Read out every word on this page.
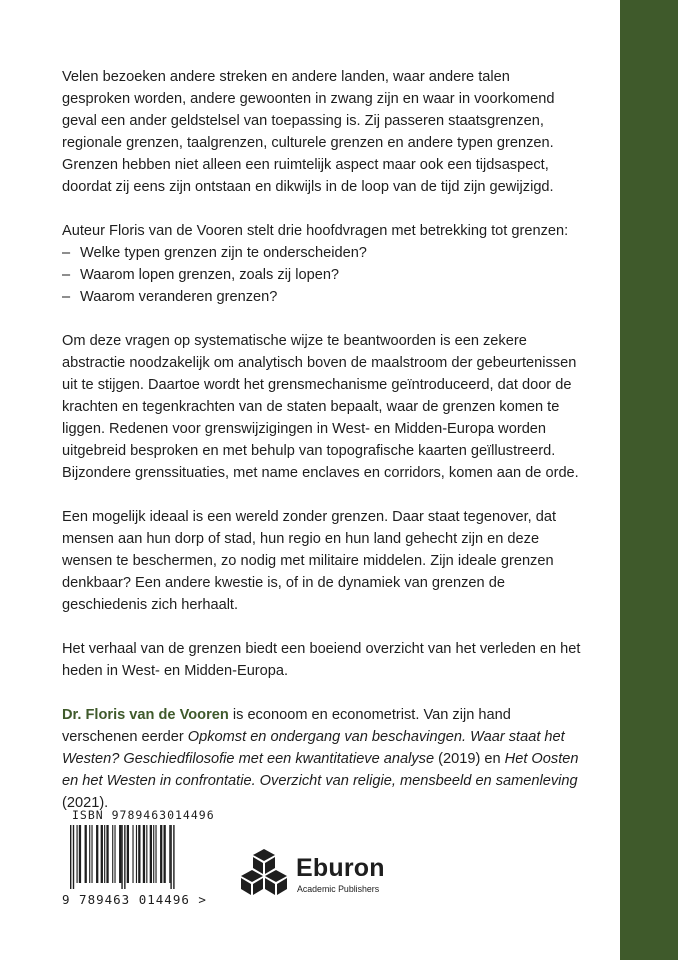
Velen bezoeken andere streken en andere landen, waar andere talen gesproken worden, andere gewoonten in zwang zijn en waar in voorkomend geval een ander geldstelsel van toepassing is. Zij passeren staatsgrenzen, regionale grenzen, taalgrenzen, culturele grenzen en andere typen grenzen. Grenzen hebben niet alleen een ruimtelijk aspect maar ook een tijdsaspect, doordat zij eens zijn ontstaan en dikwijls in de loop van de tijd zijn gewijzigd.

Auteur Floris van de Vooren stelt drie hoofdvragen met betrekking tot grenzen:

– Welke typen grenzen zijn te onderscheiden?
– Waarom lopen grenzen, zoals zij lopen?
– Waarom veranderen grenzen?

Om deze vragen op systematische wijze te beantwoorden is een zekere abstractie noodzakelijk om analytisch boven de maalstroom der gebeurtenissen uit te stijgen. Daartoe wordt het grensmechanisme geïntroduceerd, dat door de krachten en tegenkrachten van de staten bepaalt, waar de grenzen komen te liggen. Redenen voor grenswijzigingen in West- en Midden-Europa worden uitgebreid besproken en met behulp van topografische kaarten geïllustreerd. Bijzondere grenssituaties, met name enclaves en corridors, komen aan de orde.

Een mogelijk ideaal is een wereld zonder grenzen. Daar staat tegenover, dat mensen aan hun dorp of stad, hun regio en hun land gehecht zijn en deze wensen te beschermen, zo nodig met militaire middelen. Zijn ideale grenzen denkbaar? Een andere kwestie is, of in de dynamiek van grenzen de geschiedenis zich herhaalt.

Het verhaal van de grenzen biedt een boeiend overzicht van het verleden en het heden in West- en Midden-Europa.

Dr. Floris van de Vooren is econoom en econometrist. Van zijn hand verschenen eerder Opkomst en ondergang van beschavingen. Waar staat het Westen? Geschiedfilosofie met een kwantitatieve analyse (2019) en Het Oosten en het Westen in confrontatie. Overzicht van religie, mensbeeld en samenleving (2021).

ISBN 9789463014496
9 789463 014496 >
Eburon
Academic Publishers
